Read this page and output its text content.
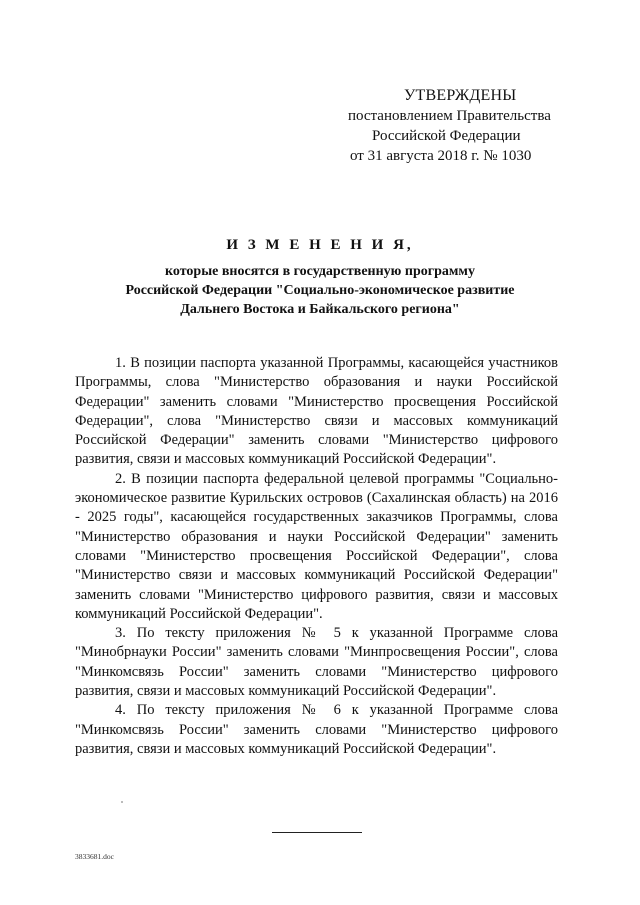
УТВЕРЖДЕНЫ
постановлением Правительства
Российской Федерации
от 31 августа 2018 г. № 1030
И З М Е Н Е Н И Я,
которые вносятся в государственную программу
Российской Федерации "Социально-экономическое развитие
Дальнего Востока и Байкальского региона"

1. В позиции паспорта указанной Программы, касающейся участников Программы, слова "Министерство образования и науки Российской Федерации" заменить словами "Министерство просвещения Российской Федерации", слова "Министерство связи и массовых коммуникаций Российской Федерации" заменить словами "Министерство цифрового развития, связи и массовых коммуникаций Российской Федерации".

2. В позиции паспорта федеральной целевой программы "Социально-экономическое развитие Курильских островов (Сахалинская область) на 2016 - 2025 годы", касающейся государственных заказчиков Программы, слова "Министерство образования и науки Российской Федерации" заменить словами "Министерство просвещения Российской Федерации", слова "Министерство связи и массовых коммуникаций Российской Федерации" заменить словами "Министерство цифрового развития, связи и массовых коммуникаций Российской Федерации".

3. По тексту приложения № 5 к указанной Программе слова "Минобрнауки России" заменить словами "Минпросвещения России", слова "Минкомсвязь России" заменить словами "Министерство цифрового развития, связи и массовых коммуникаций Российской Федерации".

4. По тексту приложения № 6 к указанной Программе слова "Минкомсвязь России" заменить словами "Министерство цифрового развития, связи и массовых коммуникаций Российской Федерации".

3833681.doc
